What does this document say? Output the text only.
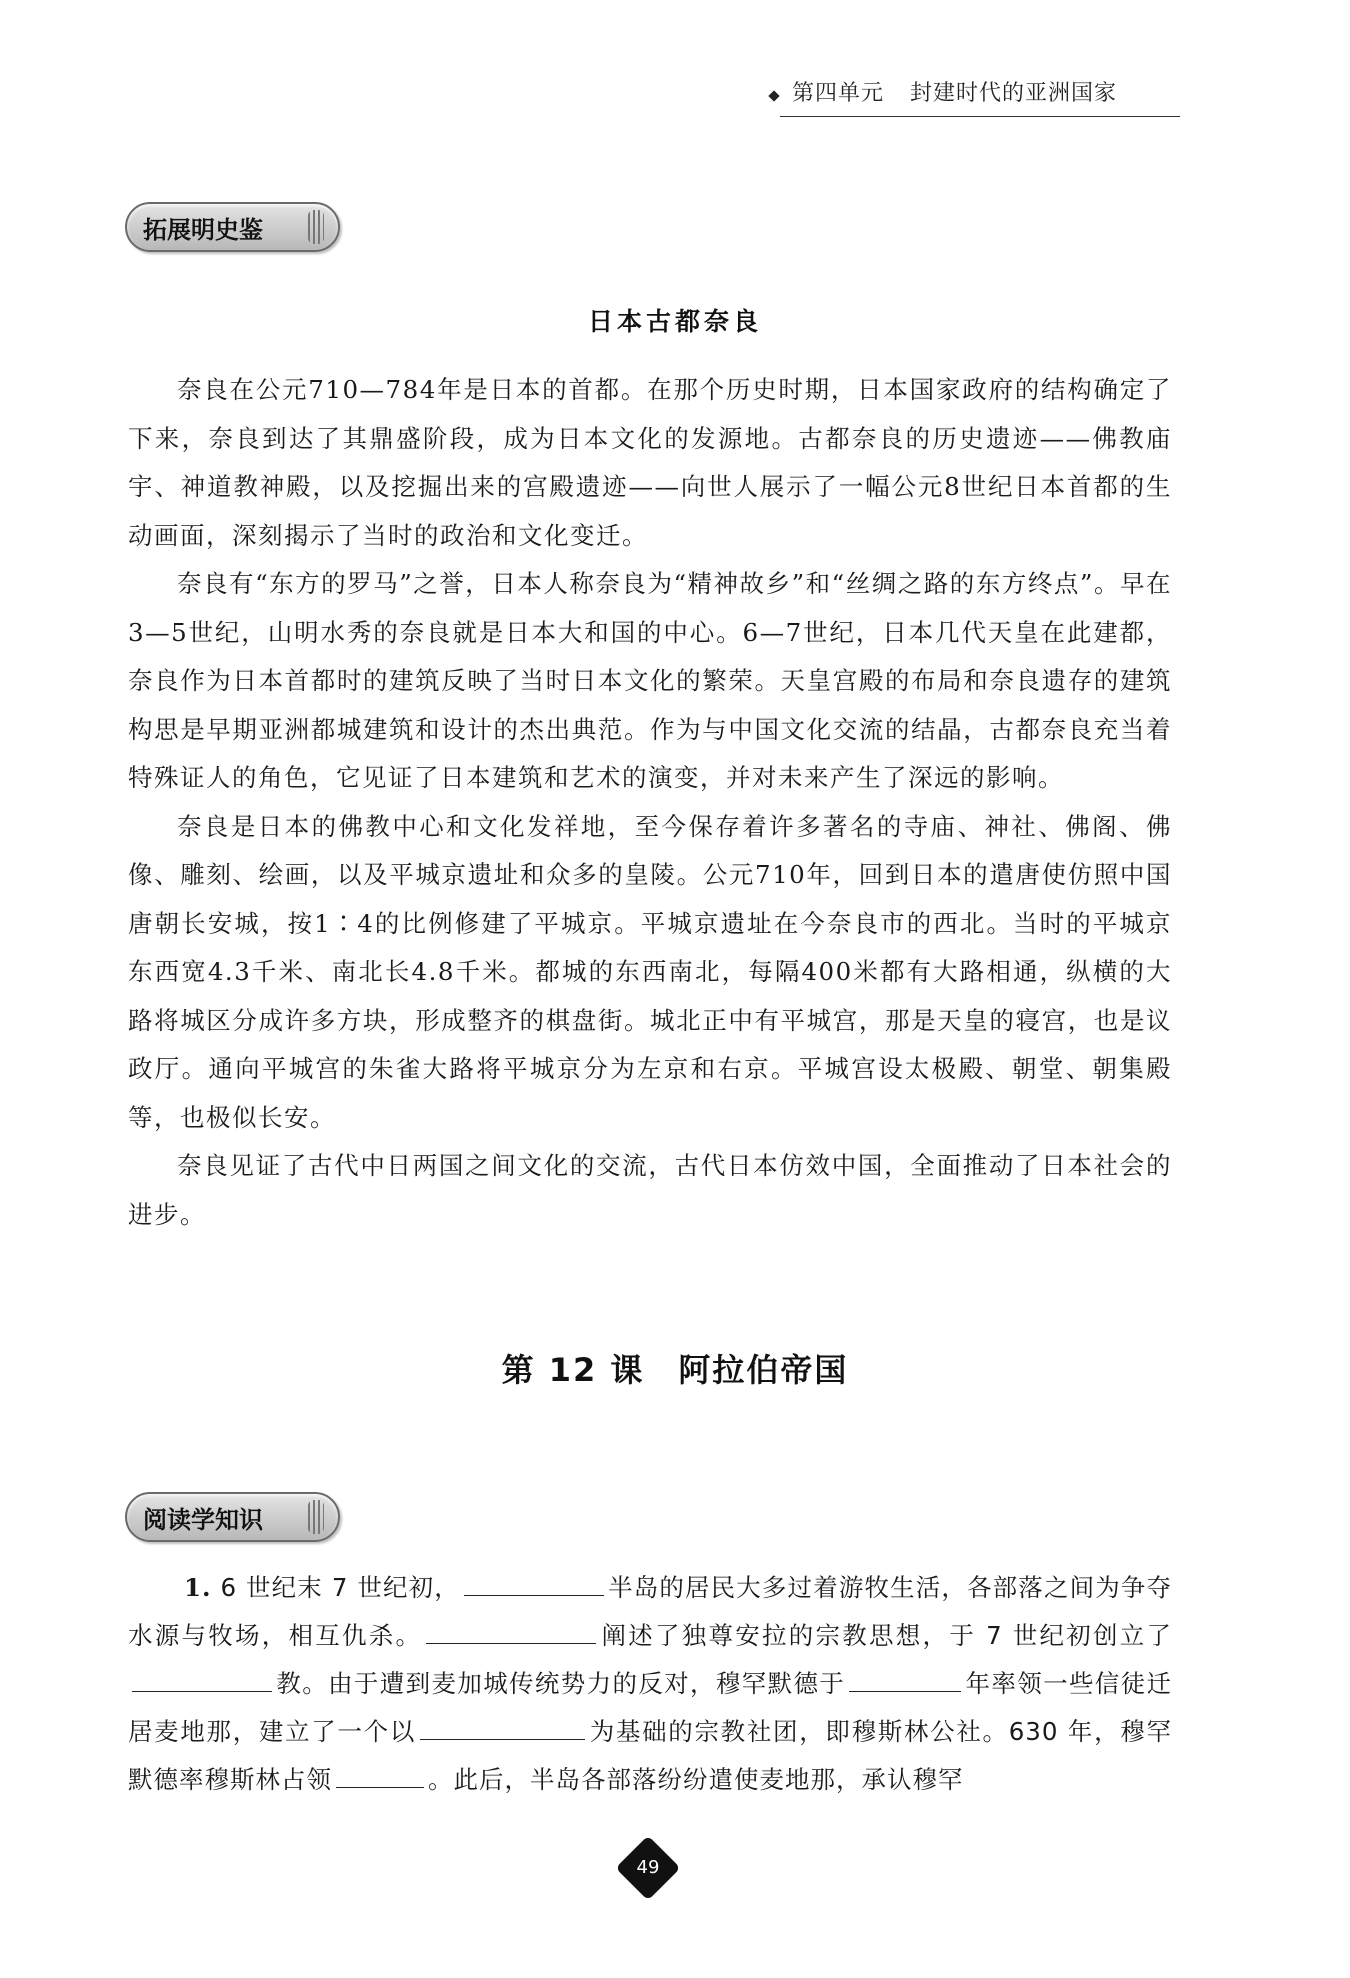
第四单元 封建时代的亚洲国家
拓展明史鉴
日本古都奈良

奈良在公元710—784年是日本的首都。在那个历史时期，日本国家政府的结构确定了下来，奈良到达了其鼎盛阶段，成为日本文化的发源地。古都奈良的历史遗迹——佛教庙宇、神道教神殿，以及挖掘出来的宫殿遗迹——向世人展示了一幅公元8世纪日本首都的生动画面，深刻揭示了当时的政治和文化变迁。

奈良有“东方的罗马”之誉，日本人称奈良为“精神故乡”和“丝绸之路的东方终点”。早在3—5世纪，山明水秀的奈良就是日本大和国的中心。6—7世纪，日本几代天皇在此建都，奈良作为日本首都时的建筑反映了当时日本文化的繁荣。天皇宫殿的布局和奈良遗存的建筑构思是早期亚洲都城建筑和设计的杰出典范。作为与中国文化交流的结晶，古都奈良充当着特殊证人的角色，它见证了日本建筑和艺术的演变，并对未来产生了深远的影响。

奈良是日本的佛教中心和文化发祥地，至今保存着许多著名的寺庙、神社、佛阁、佛像、雕刻、绘画，以及平城京遗址和众多的皇陵。公元710年，回到日本的遣唐使仿照中国唐朝长安城，按1∶4的比例修建了平城京。平城京遗址在今奈良市的西北。当时的平城京东西宽4.3千米、南北长4.8千米。都城的东西南北，每隔400米都有大路相通，纵横的大路将城区分成许多方块，形成整齐的棋盘街。城北正中有平城宫，那是天皇的寝宫，也是议政厅。通向平城宫的朱雀大路将平城京分为左京和右京。平城宫设太极殿、朝堂、朝集殿等，也极似长安。

奈良见证了古代中日两国之间文化的交流，古代日本仿效中国，全面推动了日本社会的进步。

第 12 课　阿拉伯帝国
阅读学知识
1. 6 世纪末 7 世纪初，	半岛的居民大多过着游牧生活，各部落之间为争夺水源与牧场，相互仇杀。	阐述了独尊安拉的宗教思想，于 7 世纪初创立了教。由于遭到麦加城传统势力的反对，穆罕默德于	年率领一些信徒迁居麦地那，建立了一个以	为基础的宗教社团，即穆斯林公社。630 年，穆罕默德率穆斯林占领	。此后，半岛各部落纷纷遣使麦地那，承认穆罕
49
